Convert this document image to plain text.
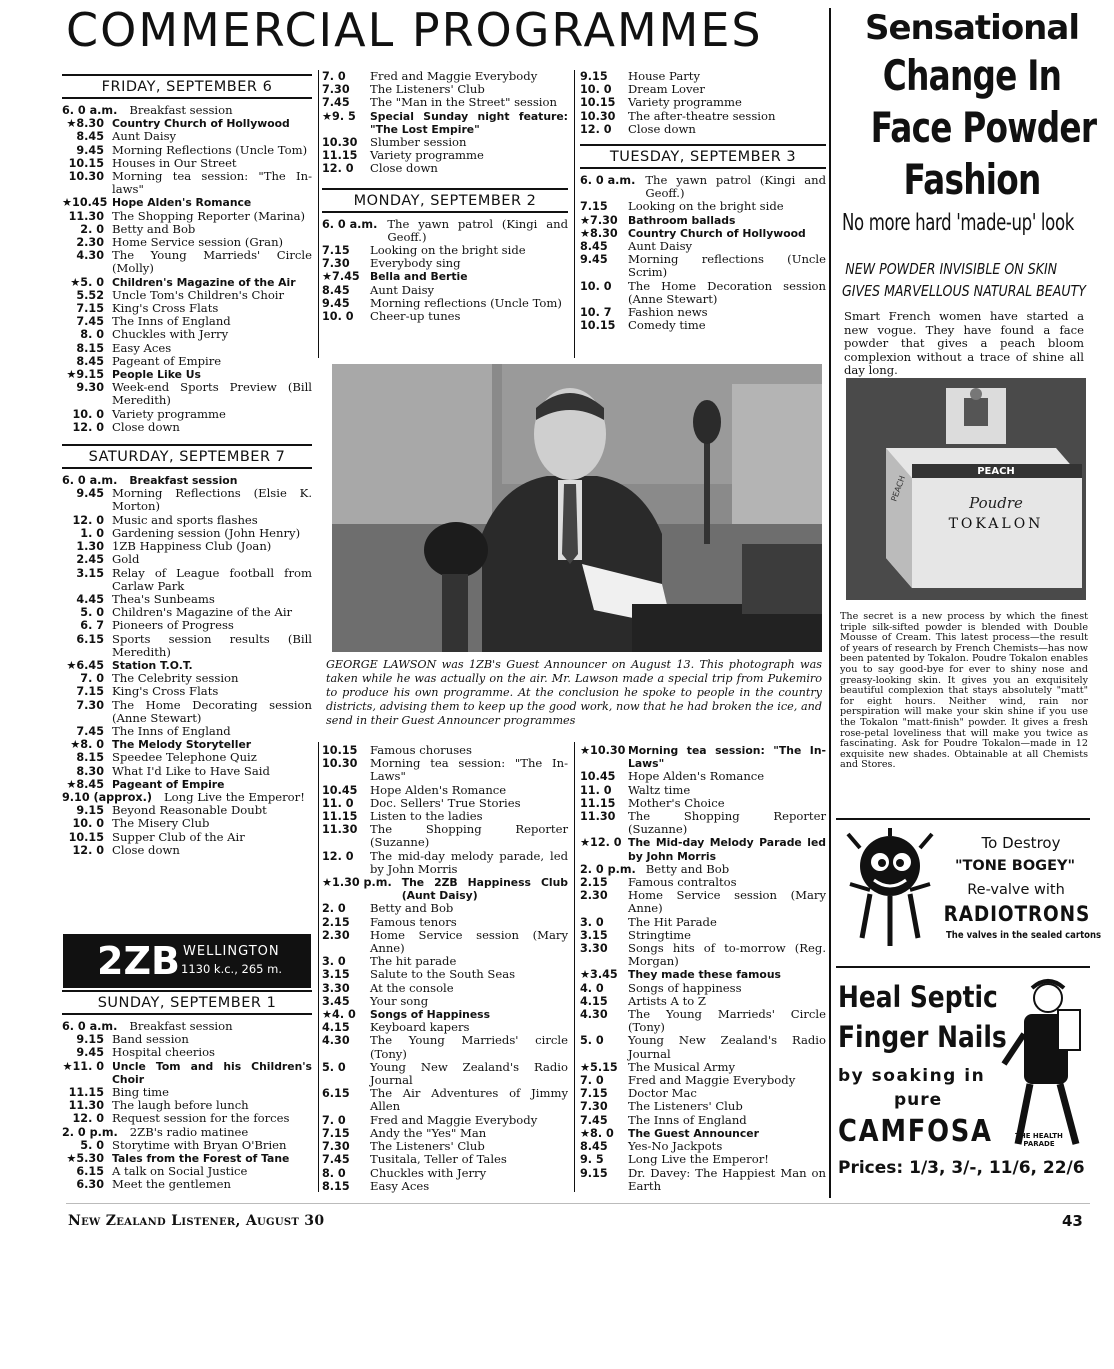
COMMERCIAL PROGRAMMES
FRIDAY, SEPTEMBER 6
6. 0 a.m.	Breakfast session
★8.30 Country Church of Hollywood
8.45 Aunt Daisy
9.45 Morning Reflections (Uncle Tom)
10.15 Houses in Our Street
10.30 Morning tea session: "The In-laws"
★10.45 Hope Alden's Romance
11.30 The Shopping Reporter (Marina)
2. 0 Betty and Bob
2.30 Home Service session (Gran)
4.30 The Young Marrieds' Circle (Molly)
★5. 0 Children's Magazine of the Air
5.52 Uncle Tom's Children's Choir
7.15 King's Cross Flats
7.45 The Inns of England
8. 0 Chuckles with Jerry
8.15 Easy Aces
8.45 Pageant of Empire
★9.15 People Like Us
9.30 Week-end Sports Preview (Bill Meredith)
10. 0 Variety programme
12. 0 Close down
SATURDAY, SEPTEMBER 7
6. 0 a.m.	Breakfast session
9.45 Morning Reflections (Elsie K. Morton)
12. 0 Music and sports flashes
1. 0 Gardening session (John Henry)
1.30 1ZB Happiness Club (Joan)
2.45 Gold
3.15 Relay of League football from Carlaw Park
4.45 Thea's Sunbeams
5. 0 Children's Magazine of the Air
6. 7 Pioneers of Progress
6.15 Sports session results (Bill Meredith)
★6.45 Station T.O.T.
7. 0 The Celebrity session
7.15 King's Cross Flats
7.30 The Home Decorating session (Anne Stewart)
7.45 The Inns of England
★8. 0 The Melody Storyteller
8.15 Speedee Telephone Quiz
8.30 What I'd Like to Have Said
★8.45 Pageant of Empire
9.10 (approx.)	Long Live the Emperor!
9.15 Beyond Reasonable Doubt
10. 0 The Misery Club
10.15 Supper Club of the Air
12. 0 Close down
2ZB WELLINGTON
1130 k.c., 265 m.
SUNDAY, SEPTEMBER 1
6. 0 a.m.	Breakfast session
9.15 Band session
9.45 Hospital cheerios
★11. 0 Uncle Tom and his Children's Choir
11.15 Bing time
11.30 The laugh before lunch
12. 0 Request session for the forces
2. 0 p.m.	2ZB's radio matinee
5. 0 Storytime with Bryan O'Brien
★5.30 Tales from the Forest of Tane
6.15 A talk on Social Justice
6.30 Meet the gentlemen
7. 0	Fred and Maggie Everybody
7.30	The Listeners' Club
7.45	The "Man in the Street" session
★9. 5	Special Sunday night feature: "The Lost Empire"
10.30	Slumber session
11.15	Variety programme
12. 0	Close down
MONDAY, SEPTEMBER 2
6. 0 a.m. The yawn patrol (Kingi and Geoff.)
7.15	Looking on the bright side
7.30	Everybody sing
★7.45 Bella and Bertie
8.45	Aunt Daisy
9.45	Morning reflections (Uncle Tom)
10. 0	Cheer-up tunes
9.15	House Party
10. 0	Dream Lover
10.15	Variety programme
10.30	The after-theatre session
12. 0	Close down
TUESDAY, SEPTEMBER 3
6. 0 a.m. The yawn patrol (Kingi and Geoff.)
7.15	Looking on the bright side
★7.30 Bathroom ballads
★8.30 Country Church of Hollywood
8.45	Aunt Daisy
9.45	Morning reflections (Uncle Scrim)
10. 0	The Home Decoration session (Anne Stewart)
10. 7	Fashion news
10.15	Comedy time
GEORGE LAWSON was 1ZB's Guest Announcer on August 13. This photograph was taken while he was actually on the air. Mr. Lawson made a special trip from Pukemiro to produce his own programme. At the conclusion he spoke to people in the country districts, advising them to keep up the good work, now that he had broken the ice, and send in their Guest Announcer programmes
10.15	Famous choruses
10.30	Morning tea session: "The In-Laws"
10.45	Hope Alden's Romance
11. 0	Doc. Sellers' True Stories
11.15	Listen to the ladies
11.30	The Shopping Reporter (Suzanne)
12. 0	The mid-day melody parade, led by John Morris
★1.30 p.m. The 2ZB Happiness Club (Aunt Daisy)
2. 0	Betty and Bob
2.15	Famous tenors
2.30	Home Service session (Mary Anne)
3. 0	The hit parade
3.15	Salute to the South Seas
3.30	At the console
3.45	Your song
★4. 0	Songs of Happiness
4.15	Keyboard kapers
4.30	The Young Marrieds' circle (Tony)
5. 0	Young New Zealand's Radio Journal
6.15	The Air Adventures of Jimmy Allen
7. 0	Fred and Maggie Everybody
7.15	Andy the "Yes" Man
7.30	The Listeners' Club
7.45	Tusitala, Teller of Tales
8. 0	Chuckles with Jerry
8.15	Easy Aces
★10.30 Morning tea session: "The In-Laws"
10.45	Hope Alden's Romance
11. 0	Waltz time
11.15	Mother's Choice
11.30	The Shopping Reporter (Suzanne)
★12. 0 The Mid-day Melody Parade led by John Morris
2. 0 p.m. Betty and Bob
2.15	Famous contraltos
2.30	Home Service session (Mary Anne)
3. 0	The Hit Parade
3.15	Stringtime
3.30	Songs hits of to-morrow (Reg. Morgan)
★3.45 They made these famous
4. 0	Songs of happiness
4.15	Artists A to Z
4.30	The Young Marrieds' Circle (Tony)
5. 0	Young New Zealand's Radio Journal
★5.15 The Musical Army
7. 0	Fred and Maggie Everybody
7.15	Doctor Mac
7.30	The Listeners' Club
7.45	The Inns of England
★8. 0	The Guest Announcer
8.45	Yes-No Jackpots
9. 5	Long Live the Emperor!
9.15	Dr. Davey: The Happiest Man on Earth
Sensational
Change In
Face Powder
Fashion
No more hard 'made-up' look
NEW POWDER INVISIBLE ON SKIN
GIVES MARVELLOUS NATURAL BEAUTY
Smart French women have started a new vogue. They have found a face powder that gives a peach bloom complexion without a trace of shine all day long.
PEACH
PEACH
Poudre
TOKALON
The secret is a new process by which the finest triple silk-sifted powder is blended with Double Mousse of Cream. This latest process—the result of years of research by French Chemists—has now been patented by Tokalon. Poudre Tokalon enables you to say good-bye for ever to shiny nose and greasy-looking skin. It gives you an exquisitely beautiful complexion that stays absolutely "matt" for eight hours. Neither wind, rain nor perspiration will make your skin shine if you use the Tokalon "matt-finish" powder. It gives a fresh rose-petal loveliness that will make you twice as fascinating. Ask for Poudre Tokalon—made in 12 exquisite new shades. Obtainable at all Chemists and Stores.
To Destroy
"TONE BOGEY"
Re-valve with
RADIOTRONS
The valves in the sealed cartons
Heal Septic
Finger Nails
by soaking in
pure
CAMFOSA	THE HEALTH PARADE
Prices: 1/3, 3/-, 11/6, 22/6
New Zealand Listener, August 30	43
